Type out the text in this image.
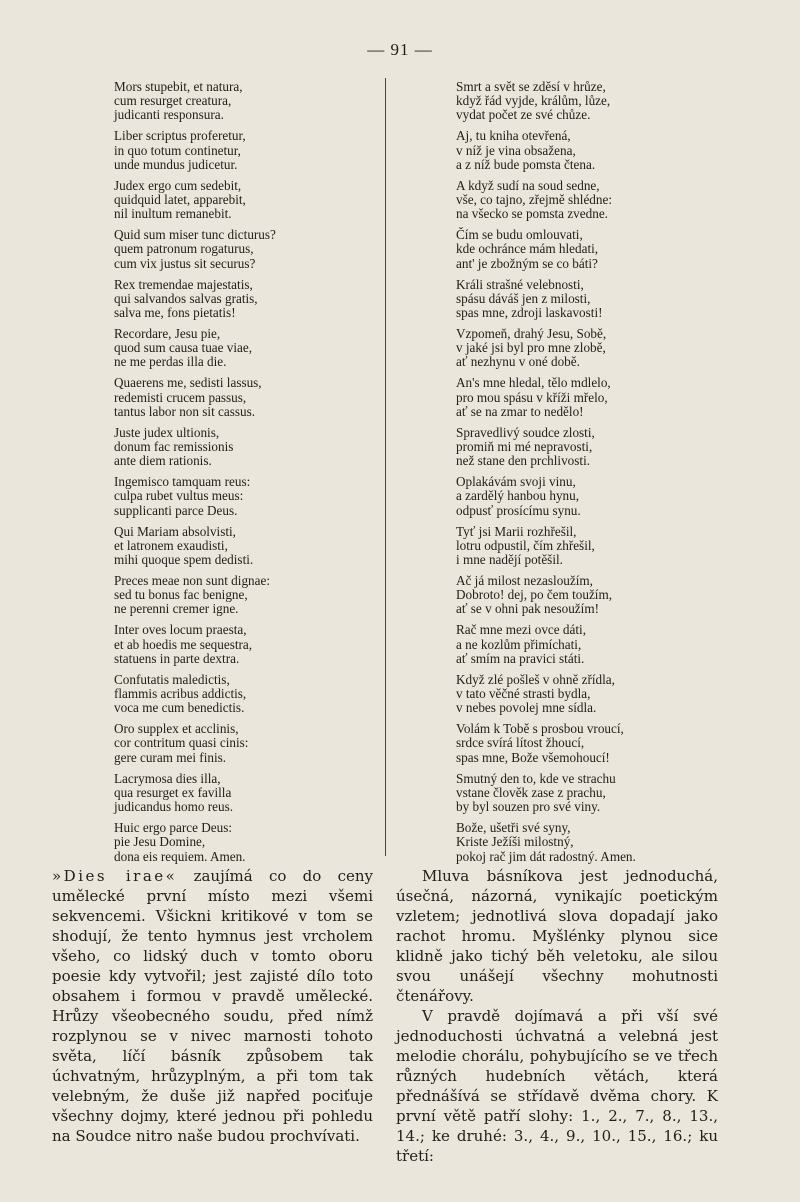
— 91 —
Mors stupebit, et natura,
cum resurget creatura,
judicanti responsura.
Liber scriptus proferetur,
in quo totum continetur,
unde mundus judicetur.
Judex ergo cum sedebit,
quidquid latet, apparebit,
nil inultum remanebit.
Quid sum miser tunc dicturus?
quem patronum rogaturus,
cum vix justus sit securus?
Rex tremendae majestatis,
qui salvandos salvas gratis,
salva me, fons pietatis!
Recordare, Jesu pie,
quod sum causa tuae viae,
ne me perdas illa die.
Quaerens me, sedisti lassus,
redemisti crucem passus,
tantus labor non sit cassus.
Juste judex ultionis,
donum fac remissionis
ante diem rationis.
Ingemisco tamquam reus:
culpa rubet vultus meus:
supplicanti parce Deus.
Qui Mariam absolvisti,
et latronem exaudisti,
mihi quoque spem dedisti.
Preces meae non sunt dignae:
sed tu bonus fac benigne,
ne perenni cremer igne.
Inter oves locum praesta,
et ab hoedis me sequestra,
statuens in parte dextra.
Confutatis maledictis,
flammis acribus addictis,
voca me cum benedictis.
Oro supplex et acclinis,
cor contritum quasi cinis:
gere curam mei finis.
Lacrymosa dies illa,
qua resurget ex favilla
judicandus homo reus.
Huic ergo parce Deus:
pie Jesu Domine,
dona eis requiem. Amen.
Smrt a svět se zděsí v hrůze,
když řád vyjde, králům, lůze,
vydat počet ze své chůze.
Aj, tu kniha otevřená,
v níž je vina obsažena,
a z níž bude pomsta čtena.
A když sudí na soud sedne,
vše, co tajno, zřejmě shlédne:
na všecko se pomsta zvedne.
Čím se budu omlouvati,
kde ochránce mám hledati,
ant' je zbožným se co báti?
Králi strašné velebnosti,
spásu dáváš jen z milosti,
spas mne, zdroji laskavosti!
Vzpomeň, drahý Jesu, Sobě,
v jaké jsi byl pro mne zlobě,
ať nezhynu v oné době.
An's mne hledal, tělo mdlelo,
pro mou spásu v kříži mřelo,
ať se na zmar to nedělo!
Spravedlivý soudce zlosti,
promiň mi mé nepravosti,
než stane den prchlivosti.
Oplakávám svoji vinu,
a zardělý hanbou hynu,
odpusť prosícímu synu.
Tyť jsi Marii rozhřešil,
lotru odpustil, čím zhřešil,
i mne nadějí potěšil.
Ač já milost nezasloužím,
Dobroto! dej, po čem toužím,
ať se v ohni pak nesoužím!
Rač mne mezi ovce dáti,
a ne kozlům přimíchati,
ať smím na pravici státi.
Když zlé pošleš v ohně zřídla,
v tato věčné strasti bydla,
v nebes povolej mne sídla.
Volám k Tobě s prosbou vroucí,
srdce svírá lítost žhoucí,
spas mne, Bože všemohoucí!
Smutný den to, kde ve strachu
vstane člověk zase z prachu,
by byl souzen pro své viny.
Bože, ušetři své syny,
Kriste Ježíši milostný,
pokoj rač jim dát radostný. Amen.

»Dies irae« zaujímá co do ceny umělecké první místo mezi všemi sekvencemi. Všickni kritikové v tom se shodují, že tento hymnus jest vrcholem všeho, co lidský duch v tomto oboru poesie kdy vytvořil; jest zajisté dílo toto obsahem i formou v pravdě umělecké. Hrůzy všeobecného soudu, před nímž rozplynou se v nivec marnosti tohoto světa, líčí básník způsobem tak úchvatným, hrůzyplným, a při tom tak velebným, že duše již napřed pociťuje všechny dojmy, které jednou při pohledu na Soudce nitro naše budou prochvívati.

Mluva básníkova jest jednoduchá, úsečná, názorná, vynikajíc poetickým vzletem; jednotlivá slova dopadají jako rachot hromu. Myšlénky plynou sice klidně jako tichý běh veletoku, ale silou svou unášejí všechny mohutnosti čtenářovy.

V pravdě dojímavá a při vší své jednoduchosti úchvatná a velebná jest melodie chorálu, pohybujícího se ve třech různých hudebních větách, která přednášívá se střídavě dvěma chory. K první větě patří slohy: 1., 2., 7., 8., 13., 14.; ke druhé: 3., 4., 9., 10., 15., 16.; ku třetí:
